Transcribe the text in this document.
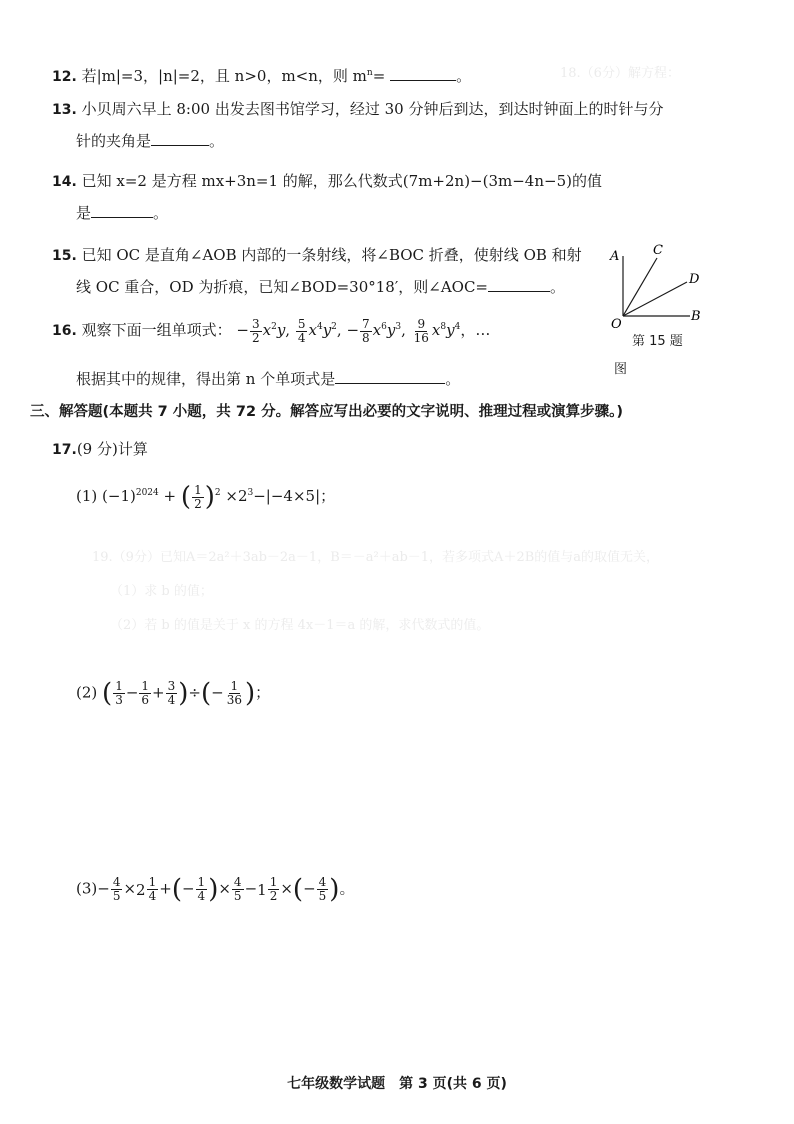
18.（6分）解方程：
19.（9分）已知A＝2a²＋3ab－2a－1，B＝－a²＋ab－1，若多项式A＋2B的值与a的取值无关，
（1）求 b 的值；
（2）若 b 的值是关于 x 的方程 4x－1＝a 的解，求代数式的值。
12. 若|m|=3，|n|=2，且 n>0，m<n，则 $m^n=$	。
13. 小贝周六早上 8:00 出发去图书馆学习，经过 30 分钟后到达，到达时钟面上的时针与分
针的夹角是	。
14. 已知 x=2 是方程 mx+3n=1 的解，那么代数式(7m+2n)−(3m−4n−5)的值
是	。
15. 已知 OC 是直角∠AOB 内部的一条射线，将∠BOC 折叠，使射线 OB 和射
线 OC 重合，OD 为折痕，已知∠BOD=30°18′，则∠AOC=	。
A	C
D
B
O
第 15 题
图
16. 观察下面一组单项式： − $\frac{3}{2} x^2y$, $\frac{5}{4} x^4y^2$, − $\frac{7}{8} x^6y^3$, $\frac{9}{16} x^8y^4$，…
根据其中的规律，得出第 n 个单项式是	。
三、解答题(本题共 7 小题，共 72 分。解答应写出必要的文字说明、推理过程或演算步骤。)
17.(9 分)计算
(1) $(-1)^{2024}$ + ( $\frac{1}{2} )^2 \times 2^3-|-4\times 5|$；
(2) ( $\frac{1}{3} - \frac{1}{6} + \frac{3}{4}$ )÷(− $\frac{1}{36}$ )；
$(3)- \frac{4}{5} \times 2 \frac{1}{4}$ +(− $\frac{1}{4}$ )× $\frac{4}{5} -1 \frac{1}{2}$ ×(− $\frac{4}{5}$ )。
七年级数学试题　第 3 页(共 6 页)
